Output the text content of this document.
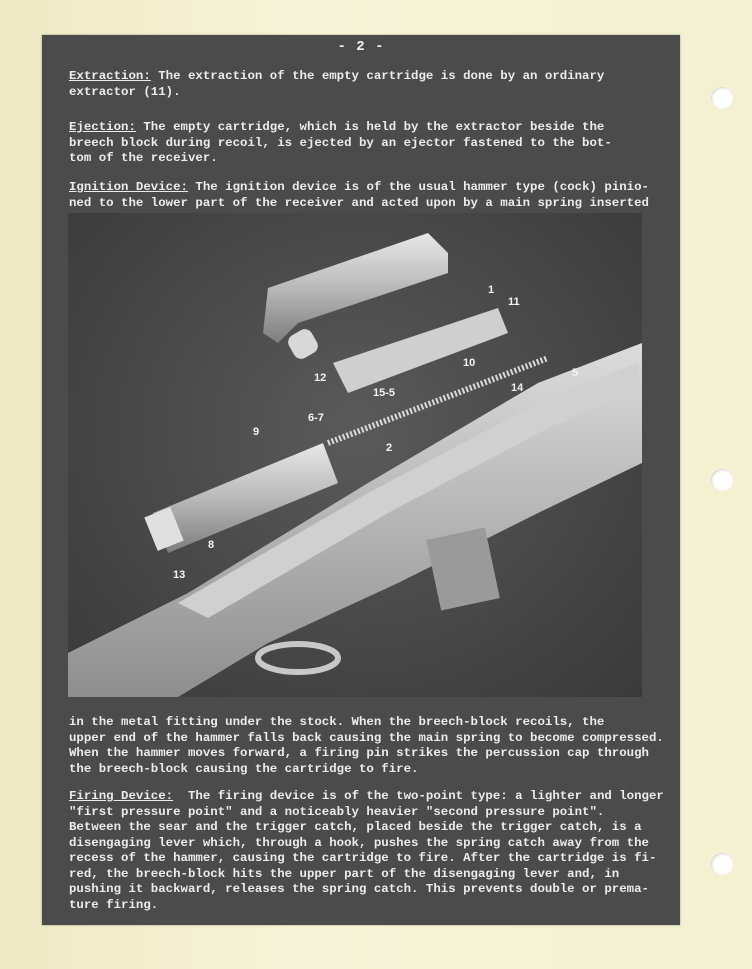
- 2 -

Extraction: The extraction of the empty cartridge is done by an ordinary
extractor (11).

Ejection: The empty cartridge, which is held by the extractor beside the
breech block during recoil, is ejected by an ejector fastened to the bot-
tom of the receiver.

Ignition Device: The ignition device is of the usual hammer type (cock) pinio-
ned to the lower part of the receiver and acted upon by a main spring inserted

1
11
12
15-5
10
14
5
6-7
9
2
8
13

in the metal fitting under the stock. When the breech-block recoils, the
upper end of the hammer falls back causing the main spring to become compressed.
When the hammer moves forward, a firing pin strikes the percussion cap through
the breech-block causing the cartridge to fire.

Firing Device:  The firing device is of the two-point type: a lighter and longer
"first pressure point" and a noticeably heavier "second pressure point".
Between the sear and the trigger catch, placed beside the trigger catch, is a
disengaging lever which, through a hook, pushes the spring catch away from the
recess of the hammer, causing the cartridge to fire. After the cartridge is fi-
red, the breech-block hits the upper part of the disengaging lever and, in
pushing it backward, releases the spring catch. This prevents double or prema-
ture firing.
